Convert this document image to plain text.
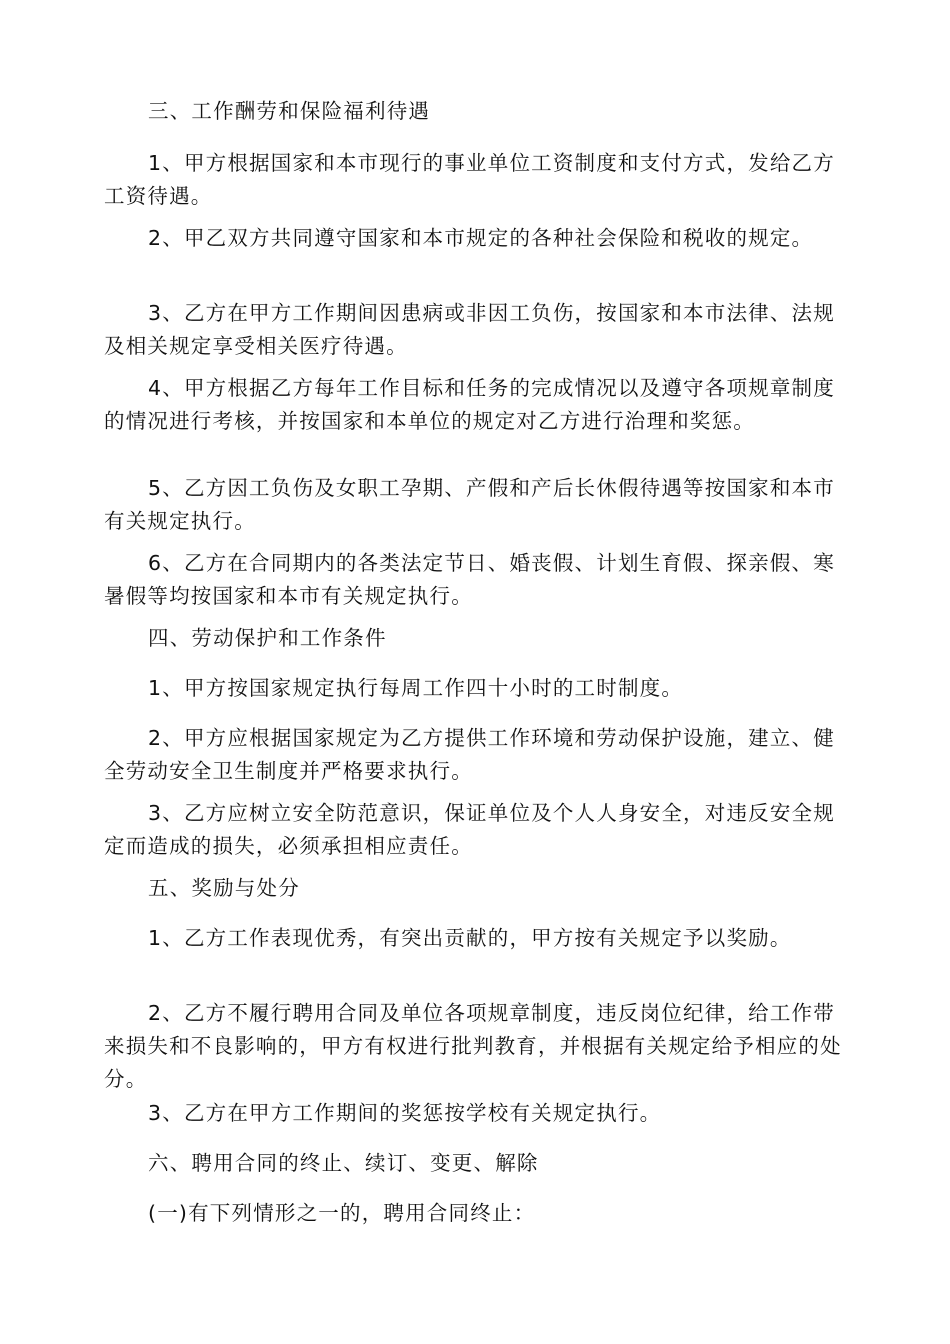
三、工作酬劳和保险福利待遇

1、甲方根据国家和本市现行的事业单位工资制度和支付方式，发给乙方工资待遇。

2、甲乙双方共同遵守国家和本市规定的各种社会保险和税收的规定。

3、乙方在甲方工作期间因患病或非因工负伤，按国家和本市法律、法规及相关规定享受相关医疗待遇。

4、甲方根据乙方每年工作目标和任务的完成情况以及遵守各项规章制度的情况进行考核，并按国家和本单位的规定对乙方进行治理和奖惩。

5、乙方因工负伤及女职工孕期、产假和产后长休假待遇等按国家和本市有关规定执行。

6、乙方在合同期内的各类法定节日、婚丧假、计划生育假、探亲假、寒暑假等均按国家和本市有关规定执行。

四、劳动保护和工作条件

1、甲方按国家规定执行每周工作四十小时的工时制度。

2、甲方应根据国家规定为乙方提供工作环境和劳动保护设施，建立、健全劳动安全卫生制度并严格要求执行。

3、乙方应树立安全防范意识，保证单位及个人人身安全，对违反安全规定而造成的损失，必须承担相应责任。

五、奖励与处分

1、乙方工作表现优秀，有突出贡献的，甲方按有关规定予以奖励。

2、乙方不履行聘用合同及单位各项规章制度，违反岗位纪律，给工作带来损失和不良影响的，甲方有权进行批判教育，并根据有关规定给予相应的处分。

3、乙方在甲方工作期间的奖惩按学校有关规定执行。

六、聘用合同的终止、续订、变更、解除

(一)有下列情形之一的，聘用合同终止：
